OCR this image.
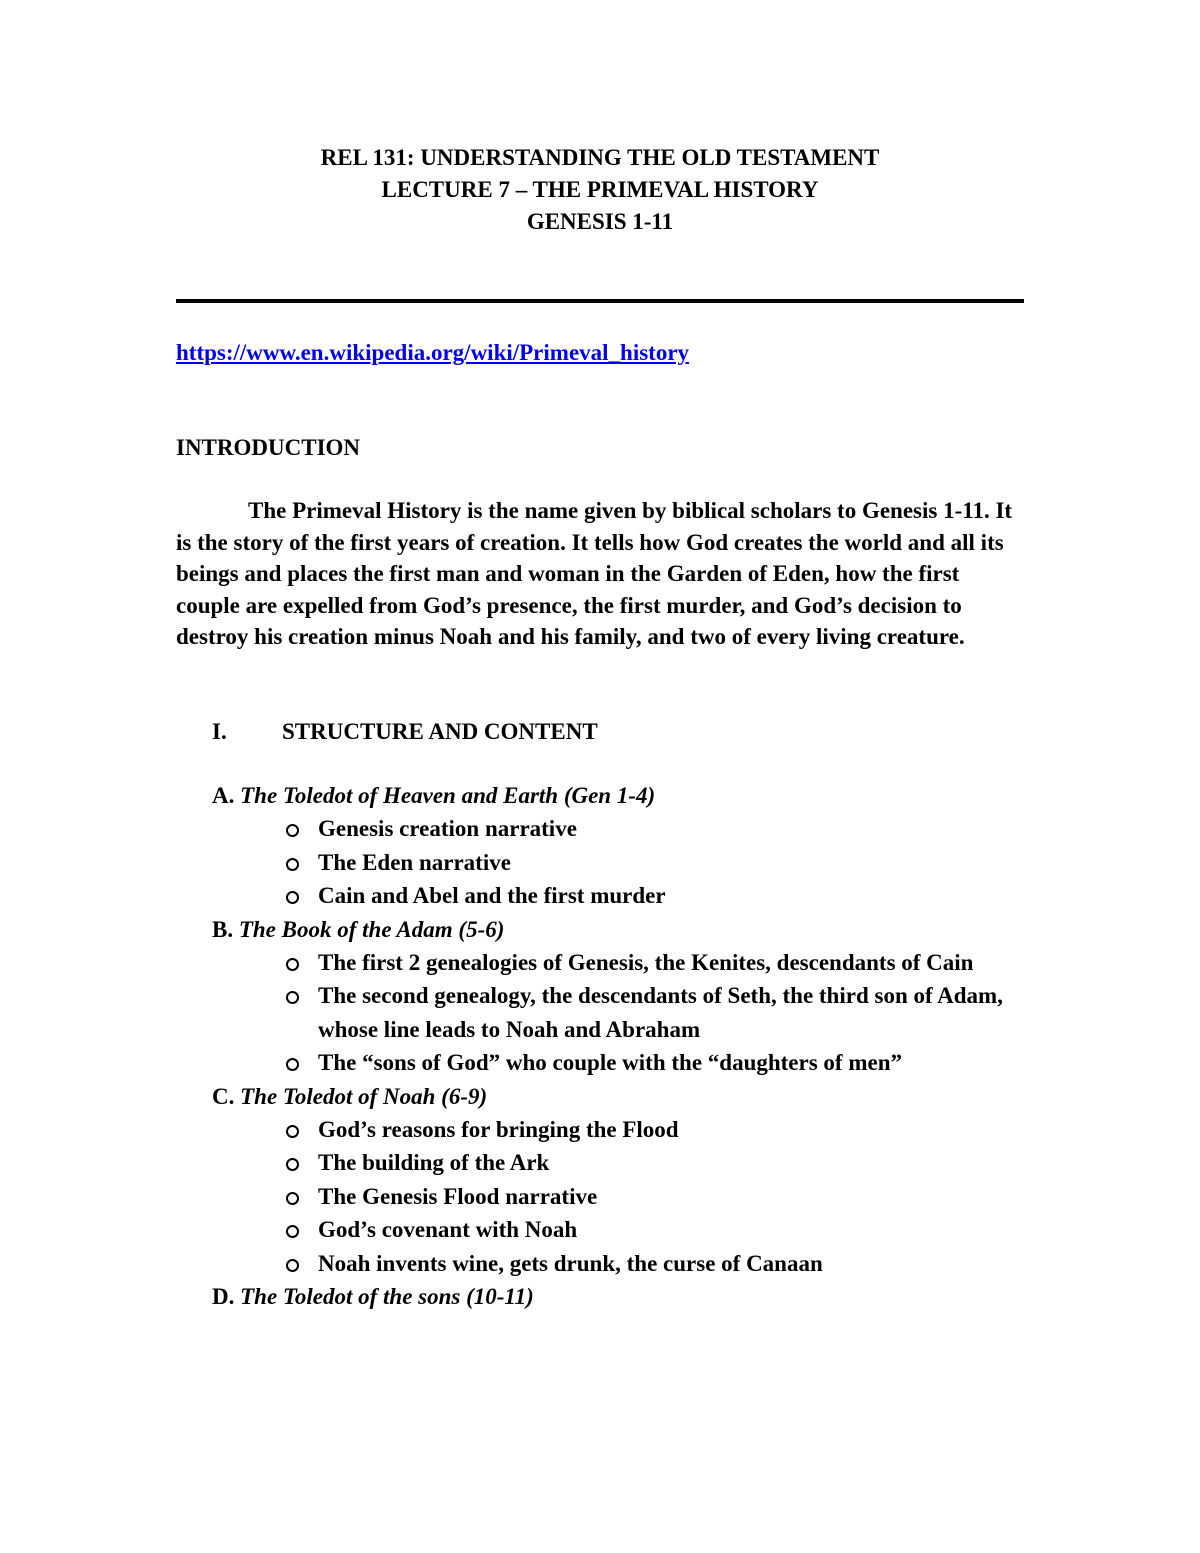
REL 131: UNDERSTANDING THE OLD TESTAMENT
LECTURE 7 – THE PRIMEVAL HISTORY
GENESIS 1-11
https://www.en.wikipedia.org/wiki/Primeval_history
INTRODUCTION

The Primeval History is the name given by biblical scholars to Genesis 1-11. It is the story of the first years of creation. It tells how God creates the world and all its beings and places the first man and woman in the Garden of Eden, how the first couple are expelled from God’s presence, the first murder, and God’s decision to destroy his creation minus Noah and his family, and two of every living creature.

I. STRUCTURE AND CONTENT
A. The Toledot of Heaven and Earth (Gen 1-4)
Genesis creation narrative
The Eden narrative
Cain and Abel and the first murder
B. The Book of the Adam (5-6)
The first 2 genealogies of Genesis, the Kenites, descendants of Cain
The second genealogy, the descendants of Seth, the third son of Adam, whose line leads to Noah and Abraham
The “sons of God” who couple with the “daughters of men”
C. The Toledot of Noah (6-9)
God’s reasons for bringing the Flood
The building of the Ark
The Genesis Flood narrative
God’s covenant with Noah
Noah invents wine, gets drunk, the curse of Canaan
D. The Toledot of the sons (10-11)
